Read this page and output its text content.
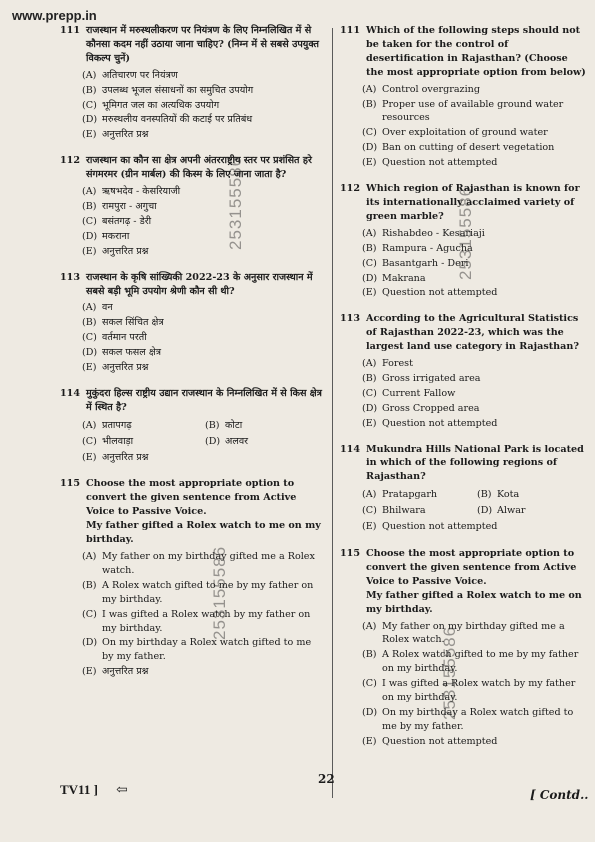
www.prepp.in
111 राजस्थान में मरुस्थलीकरण पर नियंत्रण के लिए निम्नलिखित में से कौनसा कदम नहीं उठाया जाना चाहिए? (निम्न में से सबसे उपयुक्त विकल्प चुनें)
(A) अतिचारण पर नियंत्रण
(B) उपलब्ध भूजल संसाधनों का समुचित उपयोग
(C) भूमिगत जल का अत्यधिक उपयोग
(D) मरुस्थलीय वनस्पतियों की कटाई पर प्रतिबंध
(E) अनुत्तरित प्रश्न
112 राजस्थान का कौन सा क्षेत्र अपनी अंतरराष्ट्रीय स्तर पर प्रशंसित हरे संगमरमर (ग्रीन मार्बल) की किस्म के लिए जाना जाता है?
(A) ऋषभदेव - केसरियाजी
(B) रामपुरा - अगुचा
(C) बसंतगढ़ - डेरी
(D) मकराना
(E) अनुत्तरित प्रश्न
113 राजस्थान के कृषि सांख्यिकी 2022-23 के अनुसार राजस्थान में सबसे बड़ी भूमि उपयोग श्रेणी कौन सी थी?
(A) वन
(B) सकल सिंचित क्षेत्र
(C) वर्तमान परती
(D) सकल फसल क्षेत्र
(E) अनुत्तरित प्रश्न
114 मुकुंदरा हिल्स राष्ट्रीय उद्यान राजस्थान के निम्नलिखित में से किस क्षेत्र में स्थित है?
(A) प्रतापगढ़	(B) कोटा
(C) भीलवाड़ा	(D) अलवर
(E) अनुत्तरित प्रश्न
115 Choose the most appropriate option to convert the given sentence from Active Voice to Passive Voice.
My father gifted a Rolex watch to me on my birthday.
(A) My father on my birthday gifted me a Rolex watch.
(B) A Rolex watch gifted to me by my father on my birthday.
(C) I was gifted a Rolex watch by my father on my birthday.
(D) On my birthday a Rolex watch gifted to me by my father.
(E) अनुत्तरित प्रश्न
111 Which of the following steps should not be taken for the control of desertification in Rajasthan? (Choose the most appropriate option from below)
(A) Control overgrazing
(B) Proper use of available ground water resources
(C) Over exploitation of ground water
(D) Ban on cutting of desert vegetation
(E) Question not attempted
112 Which region of Rajasthan is known for its internationally acclaimed variety of green marble?
(A) Rishabdeo - Kesariaji
(B) Rampura - Agucha
(C) Basantgarh - Deri
(D) Makrana
(E) Question not attempted
113 According to the Agricultural Statistics of Rajasthan 2022-23, which was the largest land use category in Rajasthan?
(A) Forest
(B) Gross irrigated area
(C) Current Fallow
(D) Gross Cropped area
(E) Question not attempted
114 Mukundra Hills National Park is located in which of the following regions of Rajasthan?
(A) Pratapgarh	(B) Kota
(C) Bhilwara	(D) Alwar
(E) Question not attempted
115 Choose the most appropriate option to convert the given sentence from Active Voice to Passive Voice.
My father gifted a Rolex watch to me on my birthday.
(A) My father on my birthday gifted me a Rolex watch.
(B) A Rolex watch gifted to me by my father on my birthday.
(C) I was gifted a Rolex watch by my father on my birthday.
(D) On my birthday a Rolex watch gifted to me by my father.
(E) Question not attempted
253155586
253155586
253155586
253155586
TV11 ] ⇦
22
[ Contd..
